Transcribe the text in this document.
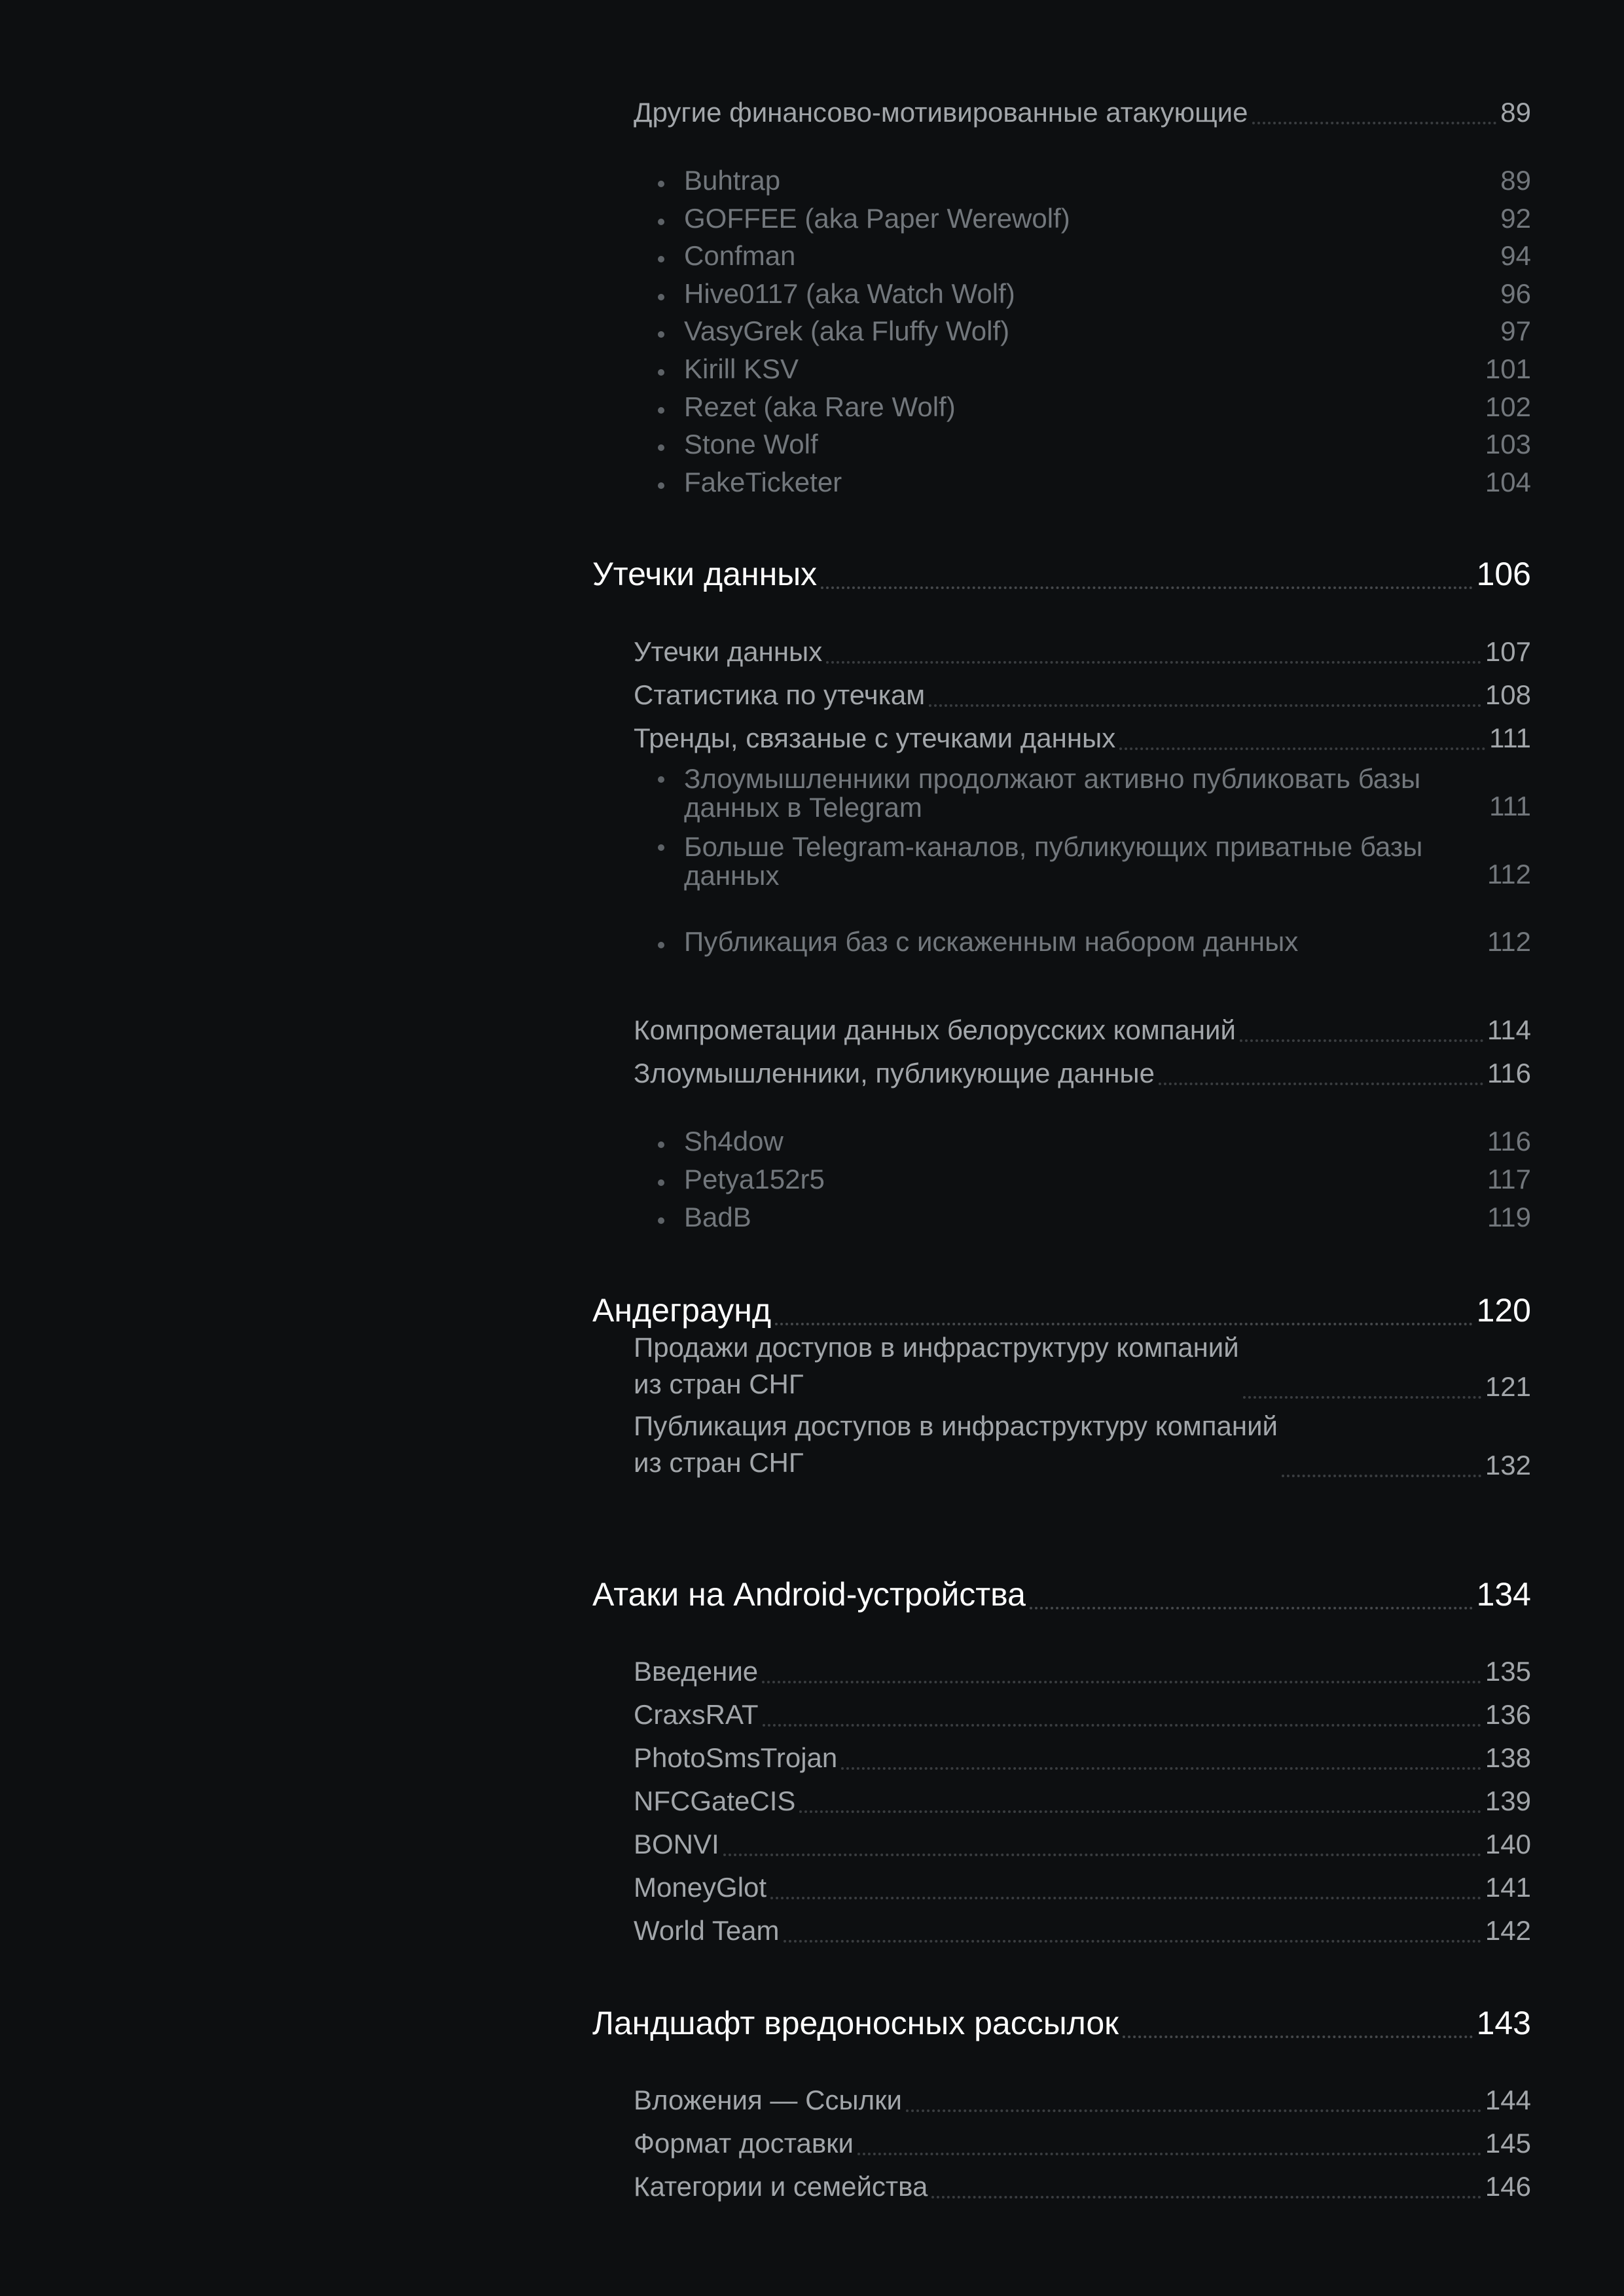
Другие финансово-мотивированные атакующие	89
Buhtrap	89
GOFFEE (aka Paper Werewolf)	92
Confman	94
Hive0117 (aka Watch Wolf)	96
VasyGrek (aka Fluffy Wolf)	97
Kirill KSV	101
Rezet (aka Rare Wolf)	102
Stone Wolf	103
FakeTicketer	104
Утечки данных	106
Утечки данных	107
Статистика по утечкам	108
Тренды, связаные с утечками данных	111
Злоумышленники продолжают активно публиковать базы
данных в Telegram	111
Больше Telegram-каналов, публикующих приватные базы
данных	112
Публикация баз с искаженным набором данных	112
Компрометации данных белорусских компаний	114
Злоумышленники, публикующие данные	116
Sh4dow	116
Petya152r5	117
BadB	119
Андеграунд	120
Продажи доступов в инфраструктуру компаний
из стран СНГ	121
Публикация доступов в инфраструктуру компаний
из стран СНГ	132
Атаки на Android-устройства	134
Введение	135
CraxsRAT	136
PhotoSmsTrojan	138
NFCGateCIS	139
BONVI	140
MoneyGlot	141
World Team	142
Ландшафт вредоносных рассылок	143
Вложения — Ссылки	144
Формат доставки	145
Категории и семейства	146
